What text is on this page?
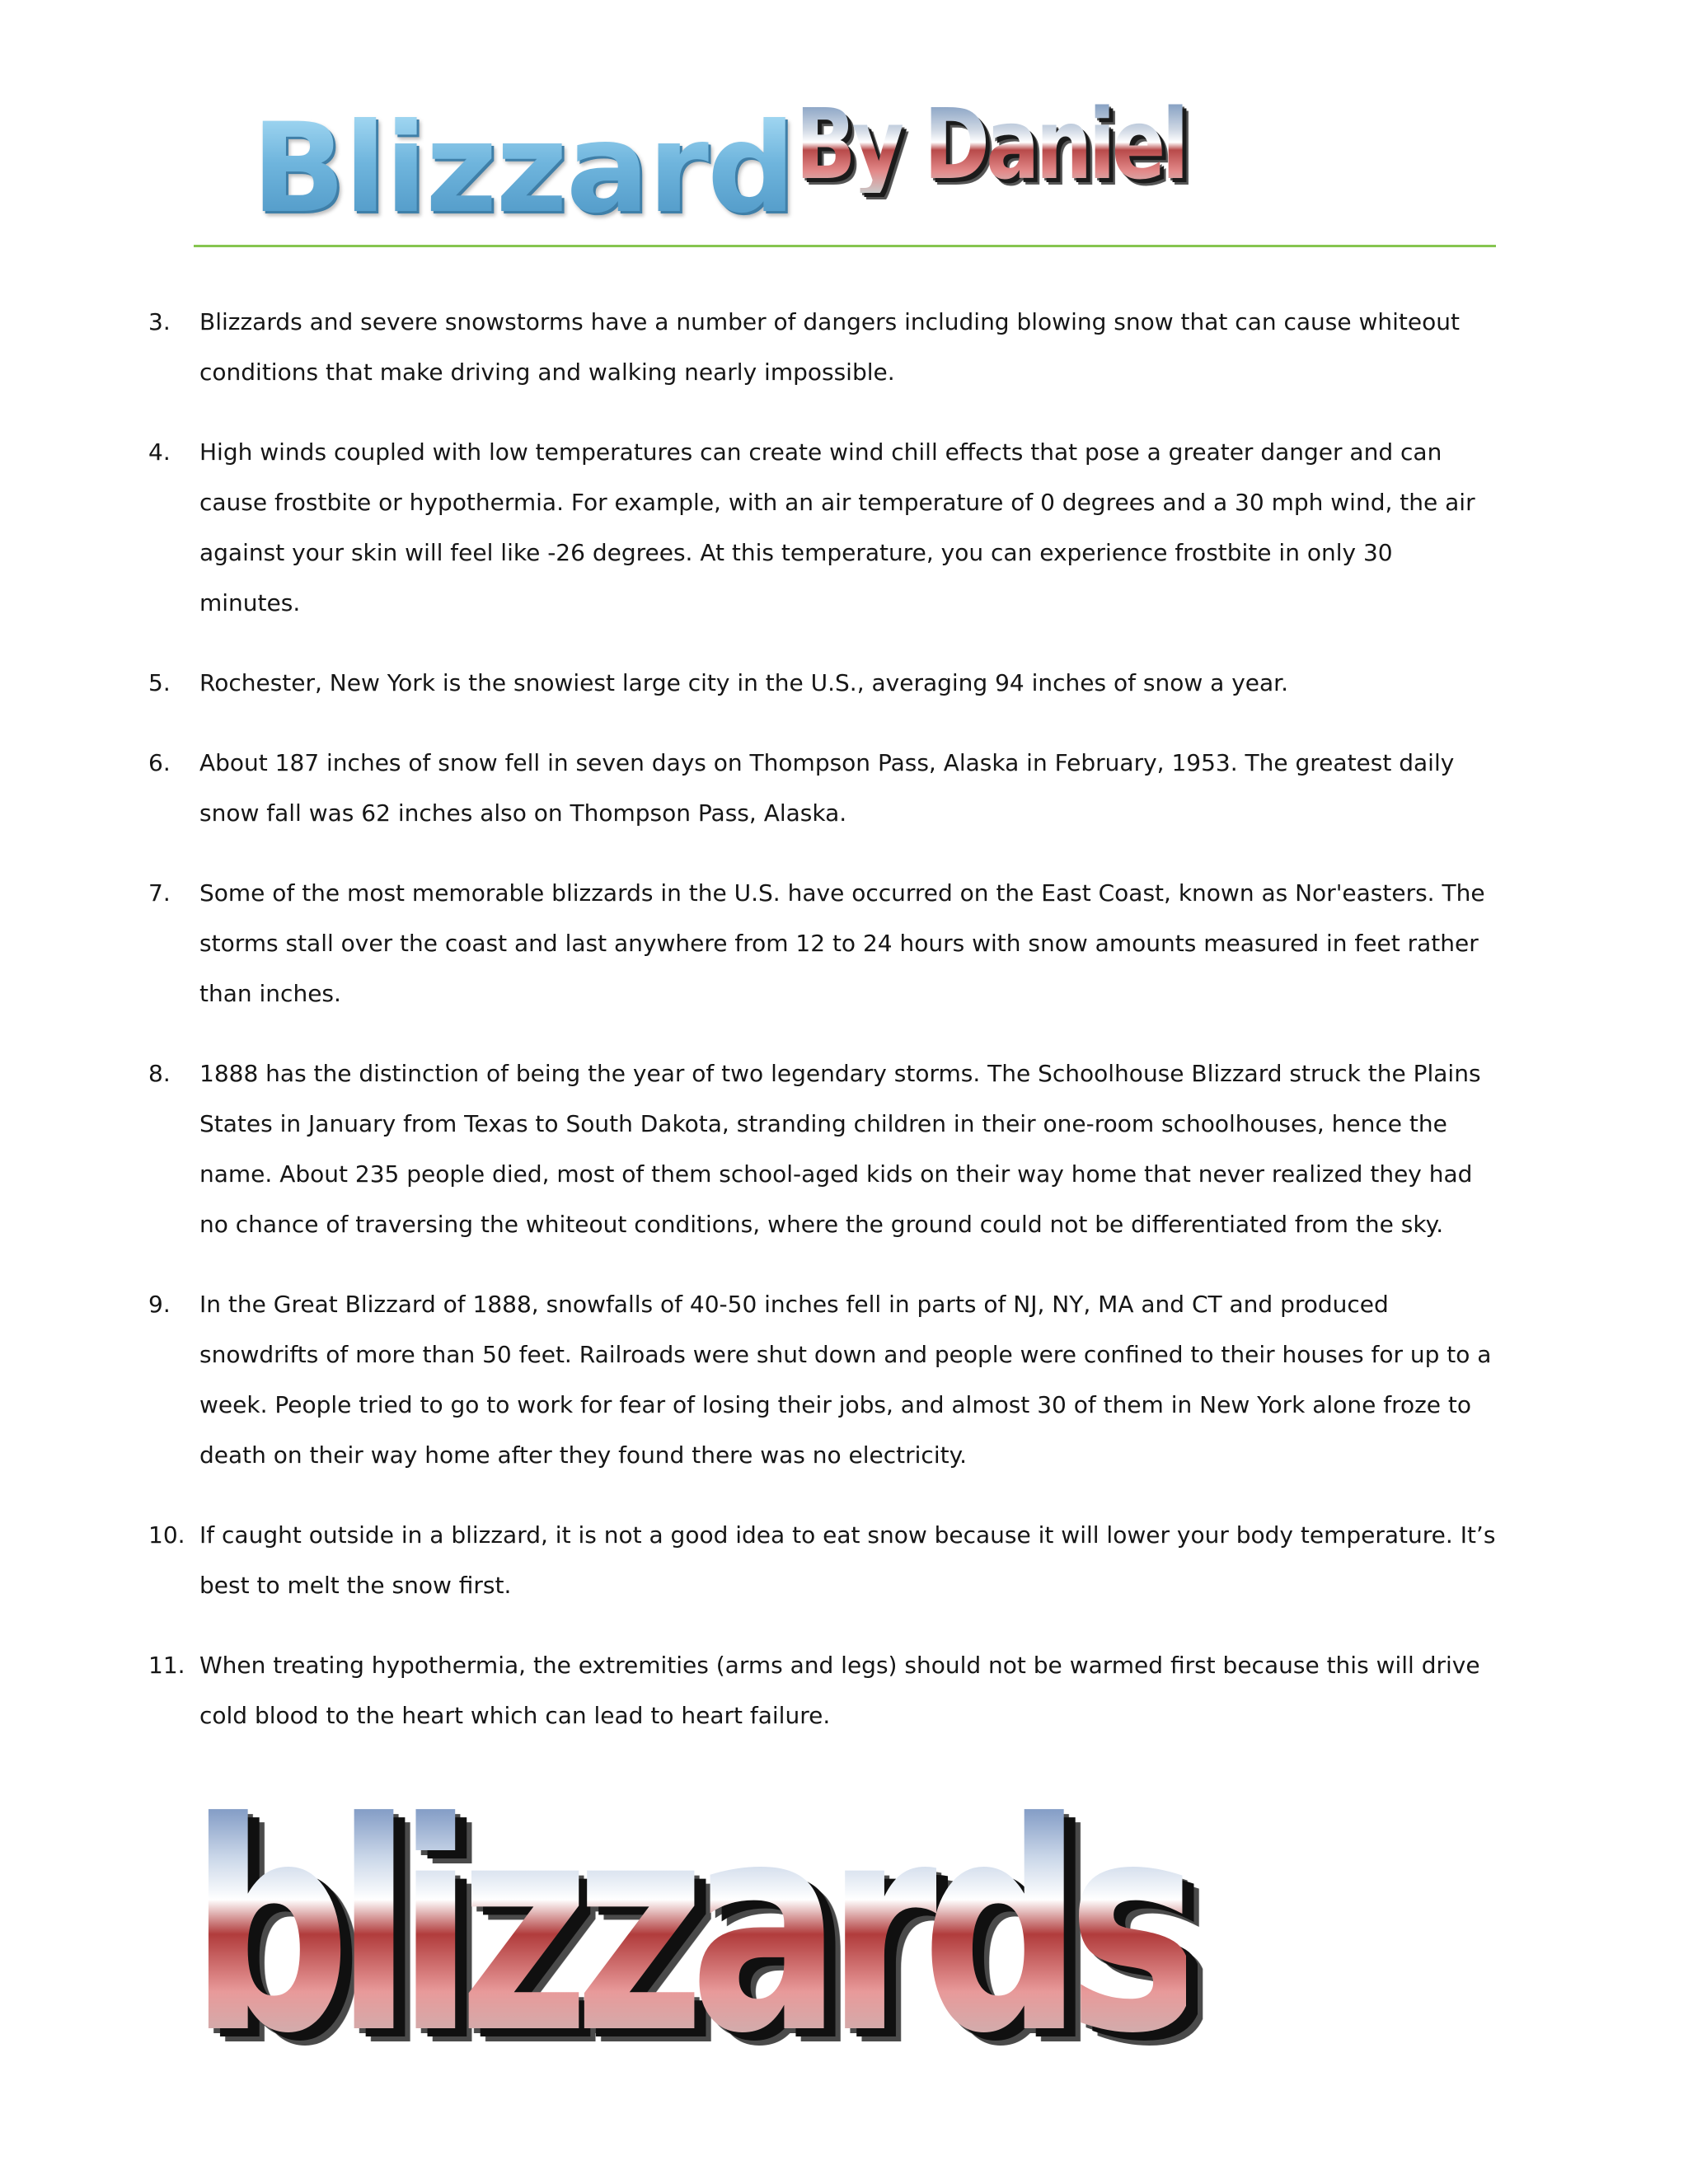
Blizzard By Daniel
3. Blizzards and severe snowstorms have a number of dangers including blowing snow that can cause whiteout conditions that make driving and walking nearly impossible.
4. High winds coupled with low temperatures can create wind chill effects that pose a greater danger and can cause frostbite or hypothermia. For example, with an air temperature of 0 degrees and a 30 mph wind, the air against your skin will feel like -26 degrees. At this temperature, you can experience frostbite in only 30 minutes.
5. Rochester, New York is the snowiest large city in the U.S., averaging 94 inches of snow a year.
6. About 187 inches of snow fell in seven days on Thompson Pass, Alaska in February, 1953. The greatest daily snow fall was 62 inches also on Thompson Pass, Alaska.
7. Some of the most memorable blizzards in the U.S. have occurred on the East Coast, known as Nor'easters. The storms stall over the coast and last anywhere from 12 to 24 hours with snow amounts measured in feet rather than inches.
8. 1888 has the distinction of being the year of two legendary storms. The Schoolhouse Blizzard struck the Plains States in January from Texas to South Dakota, stranding children in their one-room schoolhouses, hence the name. About 235 people died, most of them school-aged kids on their way home that never realized they had no chance of traversing the whiteout conditions, where the ground could not be differentiated from the sky.
9. In the Great Blizzard of 1888, snowfalls of 40-50 inches fell in parts of NJ, NY, MA and CT and produced snowdrifts of more than 50 feet. Railroads were shut down and people were confined to their houses for up to a week. People tried to go to work for fear of losing their jobs, and almost 30 of them in New York alone froze to death on their way home after they found there was no electricity.
10. If caught outside in a blizzard, it is not a good idea to eat snow because it will lower your body temperature. It’s best to melt the snow first.
11. When treating hypothermia, the extremities (arms and legs) should not be warmed first because this will drive cold blood to the heart which can lead to heart failure.
blizzards
